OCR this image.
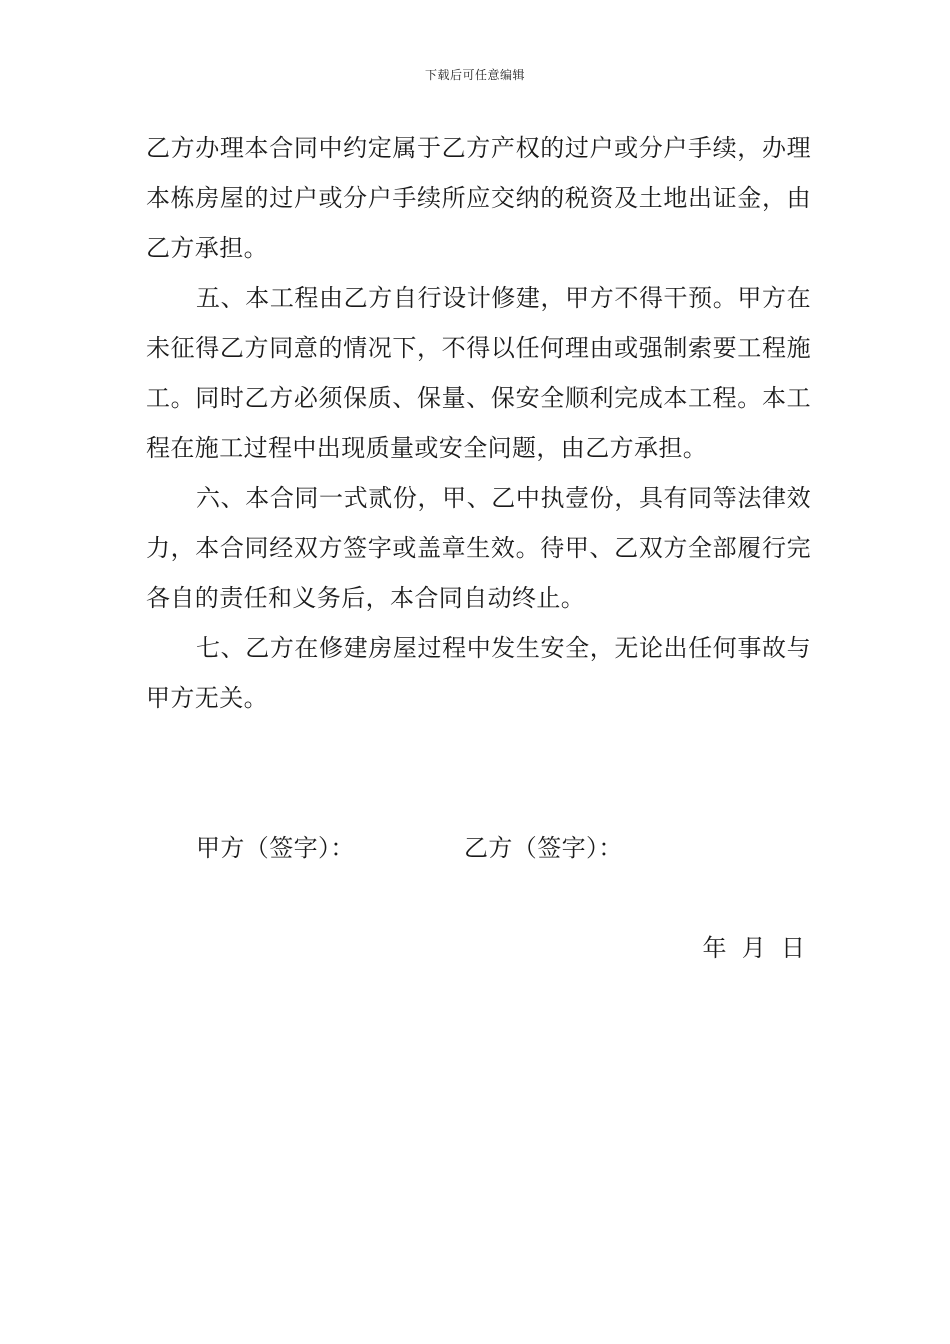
下载后可任意编辑

乙方办理本合同中约定属于乙方产权的过户或分户手续，办理本栋房屋的过户或分户手续所应交纳的税资及土地出证金，由乙方承担。

五、本工程由乙方自行设计修建，甲方不得干预。甲方在未征得乙方同意的情况下，不得以任何理由或强制索要工程施工。同时乙方必须保质、保量、保安全顺利完成本工程。本工程在施工过程中出现质量或安全问题，由乙方承担。

六、本合同一式贰份，甲、乙中执壹份，具有同等法律效力，本合同经双方签字或盖章生效。待甲、乙双方全部履行完各自的责任和义务后，本合同自动终止。

七、乙方在修建房屋过程中发生安全，无论出任何事故与甲方无关。

甲方（签字）：	乙方（签字）：
年  月  日
